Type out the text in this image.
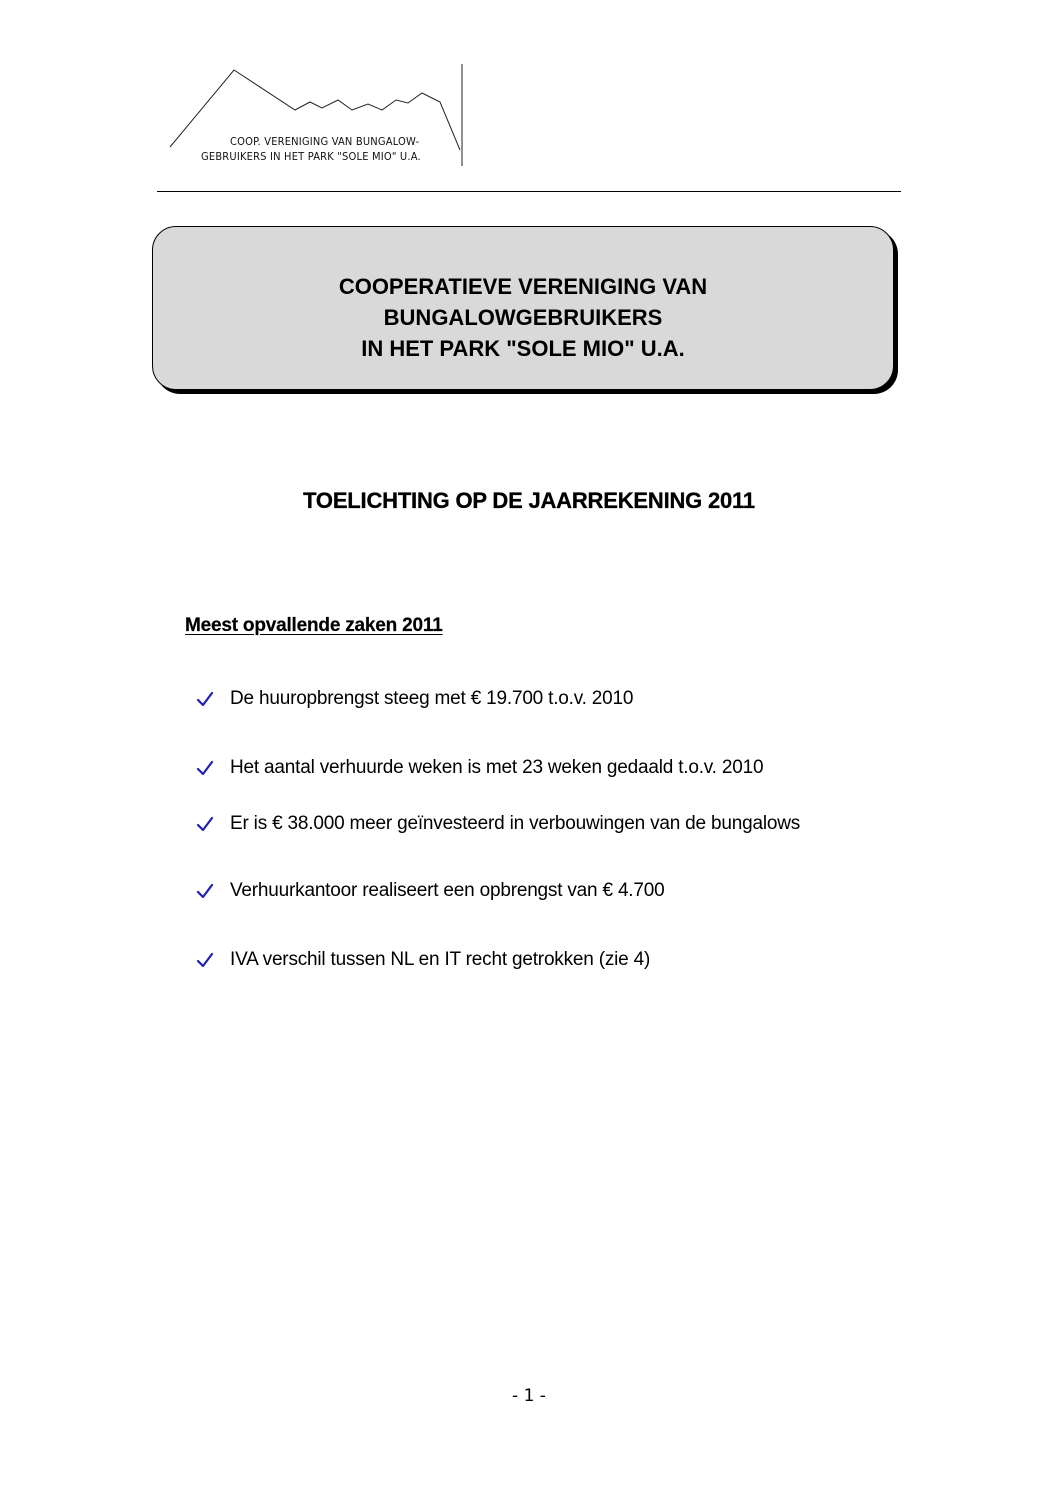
COOP. VERENIGING VAN BUNGALOW-
GEBRUIKERS IN HET PARK "SOLE MIO" U.A.
COOPERATIEVE VERENIGING VAN
BUNGALOWGEBRUIKERS
IN HET PARK "SOLE MIO" U.A.
TOELICHTING OP DE JAARREKENING 2011
Meest opvallende zaken 2011
De huuropbrengst steeg met € 19.700 t.o.v. 2010
Het aantal verhuurde weken is met 23 weken gedaald t.o.v. 2010
Er is € 38.000 meer geïnvesteerd in verbouwingen van de bungalows
Verhuurkantoor realiseert een opbrengst van € 4.700
IVA verschil tussen NL en IT recht getrokken (zie 4)
- 1 -
